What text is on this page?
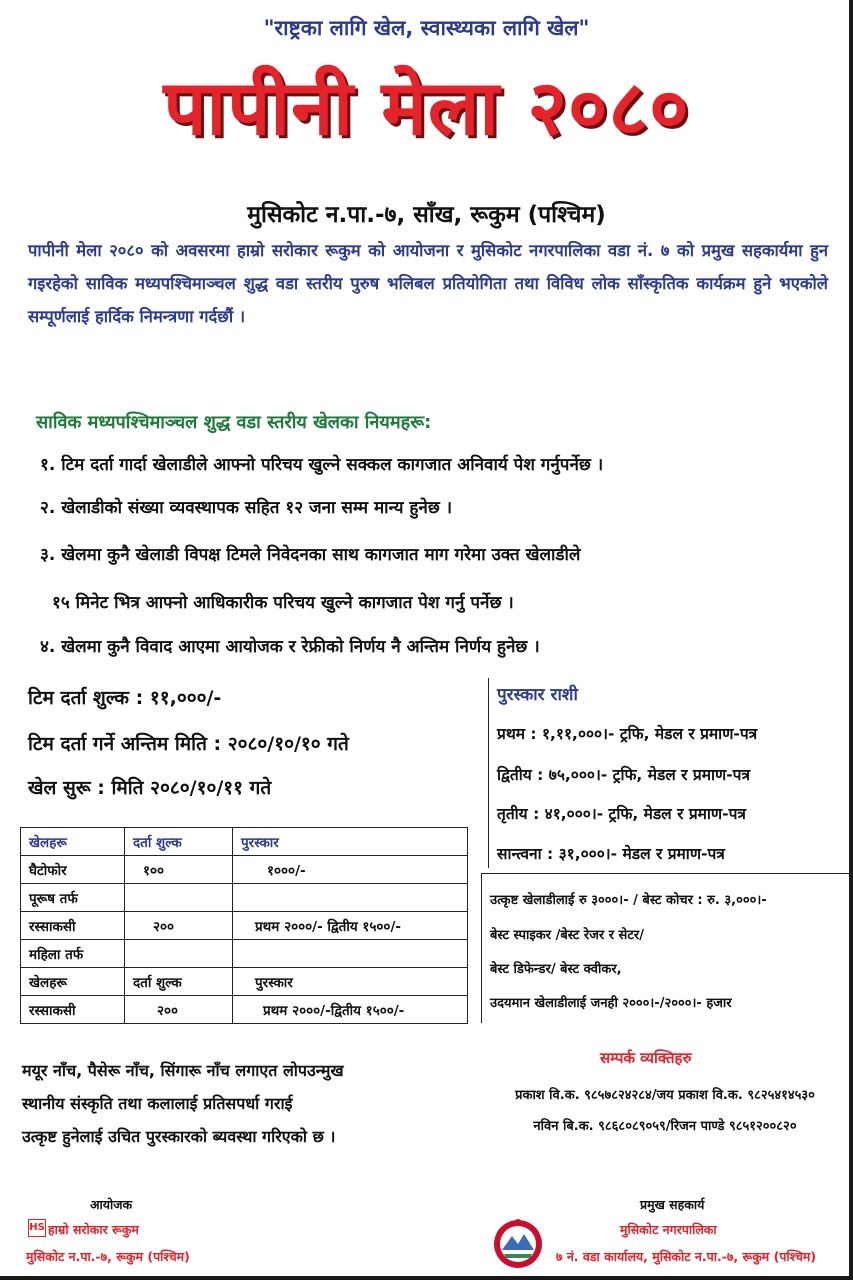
"राष्ट्रका लागि खेल, स्वास्थ्यका लागि खेल"
पापीनी मेला २०८०
मुसिकोट न.पा.-७, साँख, रूकुम (पश्चिम)
पापीनी मेला २०८० को अवसरमा हाम्रो सरोकार रूकुम को आयोजना र मुसिकोट नगरपालिका वडा नं. ७ को प्रमुख सहकार्यमा हुन गइरहेको साविक मध्यपश्चिमाञ्चल शुद्ध वडा स्तरीय पुरुष भलिबल प्रतियोगिता तथा विविध लोक साँस्कृतिक कार्यक्रम हुने भएकोले सम्पूर्णलाई हार्दिक निमन्त्रणा गर्दछौं ।
साविक मध्यपश्चिमाञ्चल शुद्ध वडा स्तरीय खेलका नियमहरू:
१. टिम दर्ता गार्दा खेलाडीले आफ्नो परिचय खुल्ने सक्कल कागजात अनिवार्य पेश गर्नुपर्नेछ ।
२. खेलाडीको संख्या व्यवस्थापक सहित १२ जना सम्म मान्य हुनेछ ।
३. खेलमा कुनै खेलाडी विपक्ष टिमले निवेदनका साथ कागजात माग गरेमा उक्त खेलाडीले
१५ मिनेट भित्र आफ्नो आधिकारीक परिचय खुल्ने कागजात पेश गर्नु पर्नेछ ।
४. खेलमा कुनै विवाद आएमा आयोजक र रेफ्रीको निर्णय नै अन्तिम निर्णय हुनेछ ।
टिम दर्ता शुल्क : ११,०००/-
टिम दर्ता गर्ने अन्तिम मिति : २०८०/१०/१० गते
खेल सुरू : मिति २०८०/१०/११ गते
खेलहरू	दर्ता शुल्क	पुरस्कार
घैटोफोर	१००	१०००/-
पूरूष तर्फ		
रस्साकसी	२००	प्रथम २०००/- द्वितीय १५००/-
महिला तर्फ		
खेलहरू	दर्ता शुल्क	पुरस्कार
रस्साकसी	२००	प्रथम २०००/-द्वितीय १५००/-
मयूर नाँच, पैसेरू नाँच, सिंगारू नाँच लगाएत लोपउन्मुख
स्थानीय संस्कृति तथा कलालाई प्रतिसपर्धा गराई
उत्कृष्ट हुनेलाई उचित पुरस्कारको ब्यवस्था गरिएको छ ।
पुरस्कार राशी
प्रथम : १,११,०००।- ट्रफि, मेडल र प्रमाण-पत्र
द्वितीय : ७५,०००।- ट्रफि, मेडल र प्रमाण-पत्र
तृतीय : ४१,०००।- ट्रफि, मेडल र प्रमाण-पत्र
सान्त्वना : ३१,०००।- मेडल र प्रमाण-पत्र
उत्कृष्ट खेलाडीलाई रु ३०००।- / बेस्ट कोचर : रु. ३,०००।-
बेस्ट स्पाइकर /बेस्ट रेजर र सेटर/
बेस्ट डिफेन्डर/ बेस्ट क्वीकर,
उदयमान खेलाडीलाई जनही २०००।-/२०००।- हजार
सम्पर्क व्यक्तिहरु
प्रकाश वि.क. ९८५७८२४२८४/जय प्रकाश वि.क. ९८२५४१४५३०
नविन बि.क. ९८६८०८९०५९/रिजन पाण्डे ९८५१२००८२०
आयोजक
HS हाम्रो सरोकार रूकुम
मुसिकोट न.पा.-७, रूकुम (पश्चिम)
प्रमुख सहकार्य
मुसिकोट नगरपालिका
७ नं. वडा कार्यालय, मुसिकोट न.पा.-७, रूकुम (पश्चिम)
